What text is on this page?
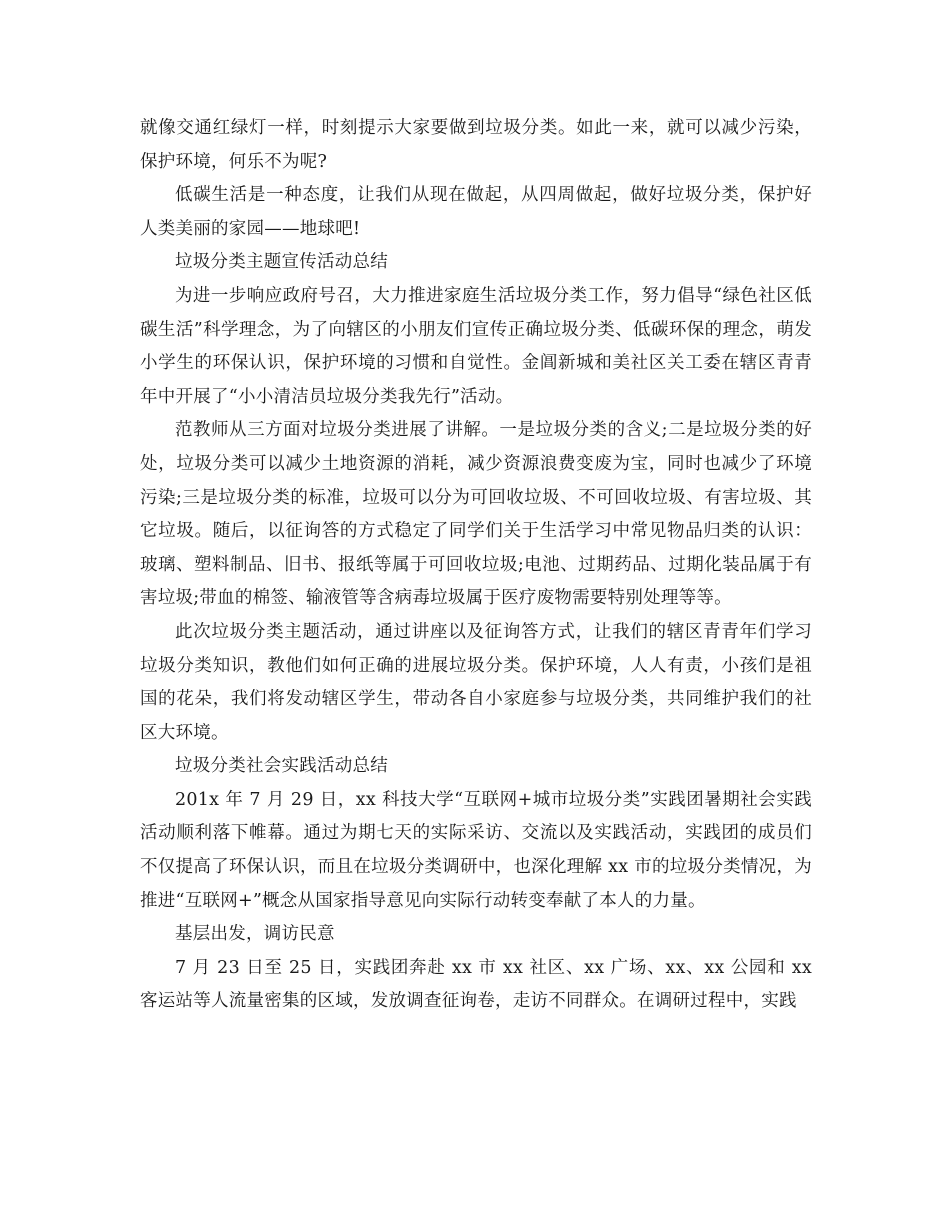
就像交通红绿灯一样，时刻提示大家要做到垃圾分类。如此一来，就可以减少污染，保护环境，何乐不为呢?

低碳生活是一种态度，让我们从现在做起，从四周做起，做好垃圾分类，保护好人类美丽的家园——地球吧!

垃圾分类主题宣传活动总结

为进一步响应政府号召，大力推进家庭生活垃圾分类工作，努力倡导“绿色社区低碳生活”科学理念，为了向辖区的小朋友们宣传正确垃圾分类、低碳环保的理念，萌发小学生的环保认识，保护环境的习惯和自觉性。金阊新城和美社区关工委在辖区青青年中开展了“小小清洁员垃圾分类我先行”活动。

范教师从三方面对垃圾分类进展了讲解。一是垃圾分类的含义;二是垃圾分类的好处，垃圾分类可以减少土地资源的消耗，减少资源浪费变废为宝，同时也减少了环境污染;三是垃圾分类的标准，垃圾可以分为可回收垃圾、不可回收垃圾、有害垃圾、其它垃圾。随后，以征询答的方式稳定了同学们关于生活学习中常见物品归类的认识：玻璃、塑料制品、旧书、报纸等属于可回收垃圾;电池、过期药品、过期化装品属于有害垃圾;带血的棉签、输液管等含病毒垃圾属于医疗废物需要特别处理等等。

此次垃圾分类主题活动，通过讲座以及征询答方式，让我们的辖区青青年们学习垃圾分类知识，教他们如何正确的进展垃圾分类。保护环境，人人有责，小孩们是祖国的花朵，我们将发动辖区学生，带动各自小家庭参与垃圾分类，共同维护我们的社区大环境。

垃圾分类社会实践活动总结

201x 年 7 月 29 日，xx 科技大学“互联网+城市垃圾分类”实践团暑期社会实践活动顺利落下帷幕。通过为期七天的实际采访、交流以及实践活动，实践团的成员们不仅提高了环保认识，而且在垃圾分类调研中，也深化理解 xx 市的垃圾分类情况，为推进“互联网+”概念从国家指导意见向实际行动转变奉献了本人的力量。

基层出发，调访民意

7 月 23 日至 25 日，实践团奔赴 xx 市 xx 社区、xx 广场、xx、xx 公园和 xx 客运站等人流量密集的区域，发放调查征询卷，走访不同群众。在调研过程中，实践
